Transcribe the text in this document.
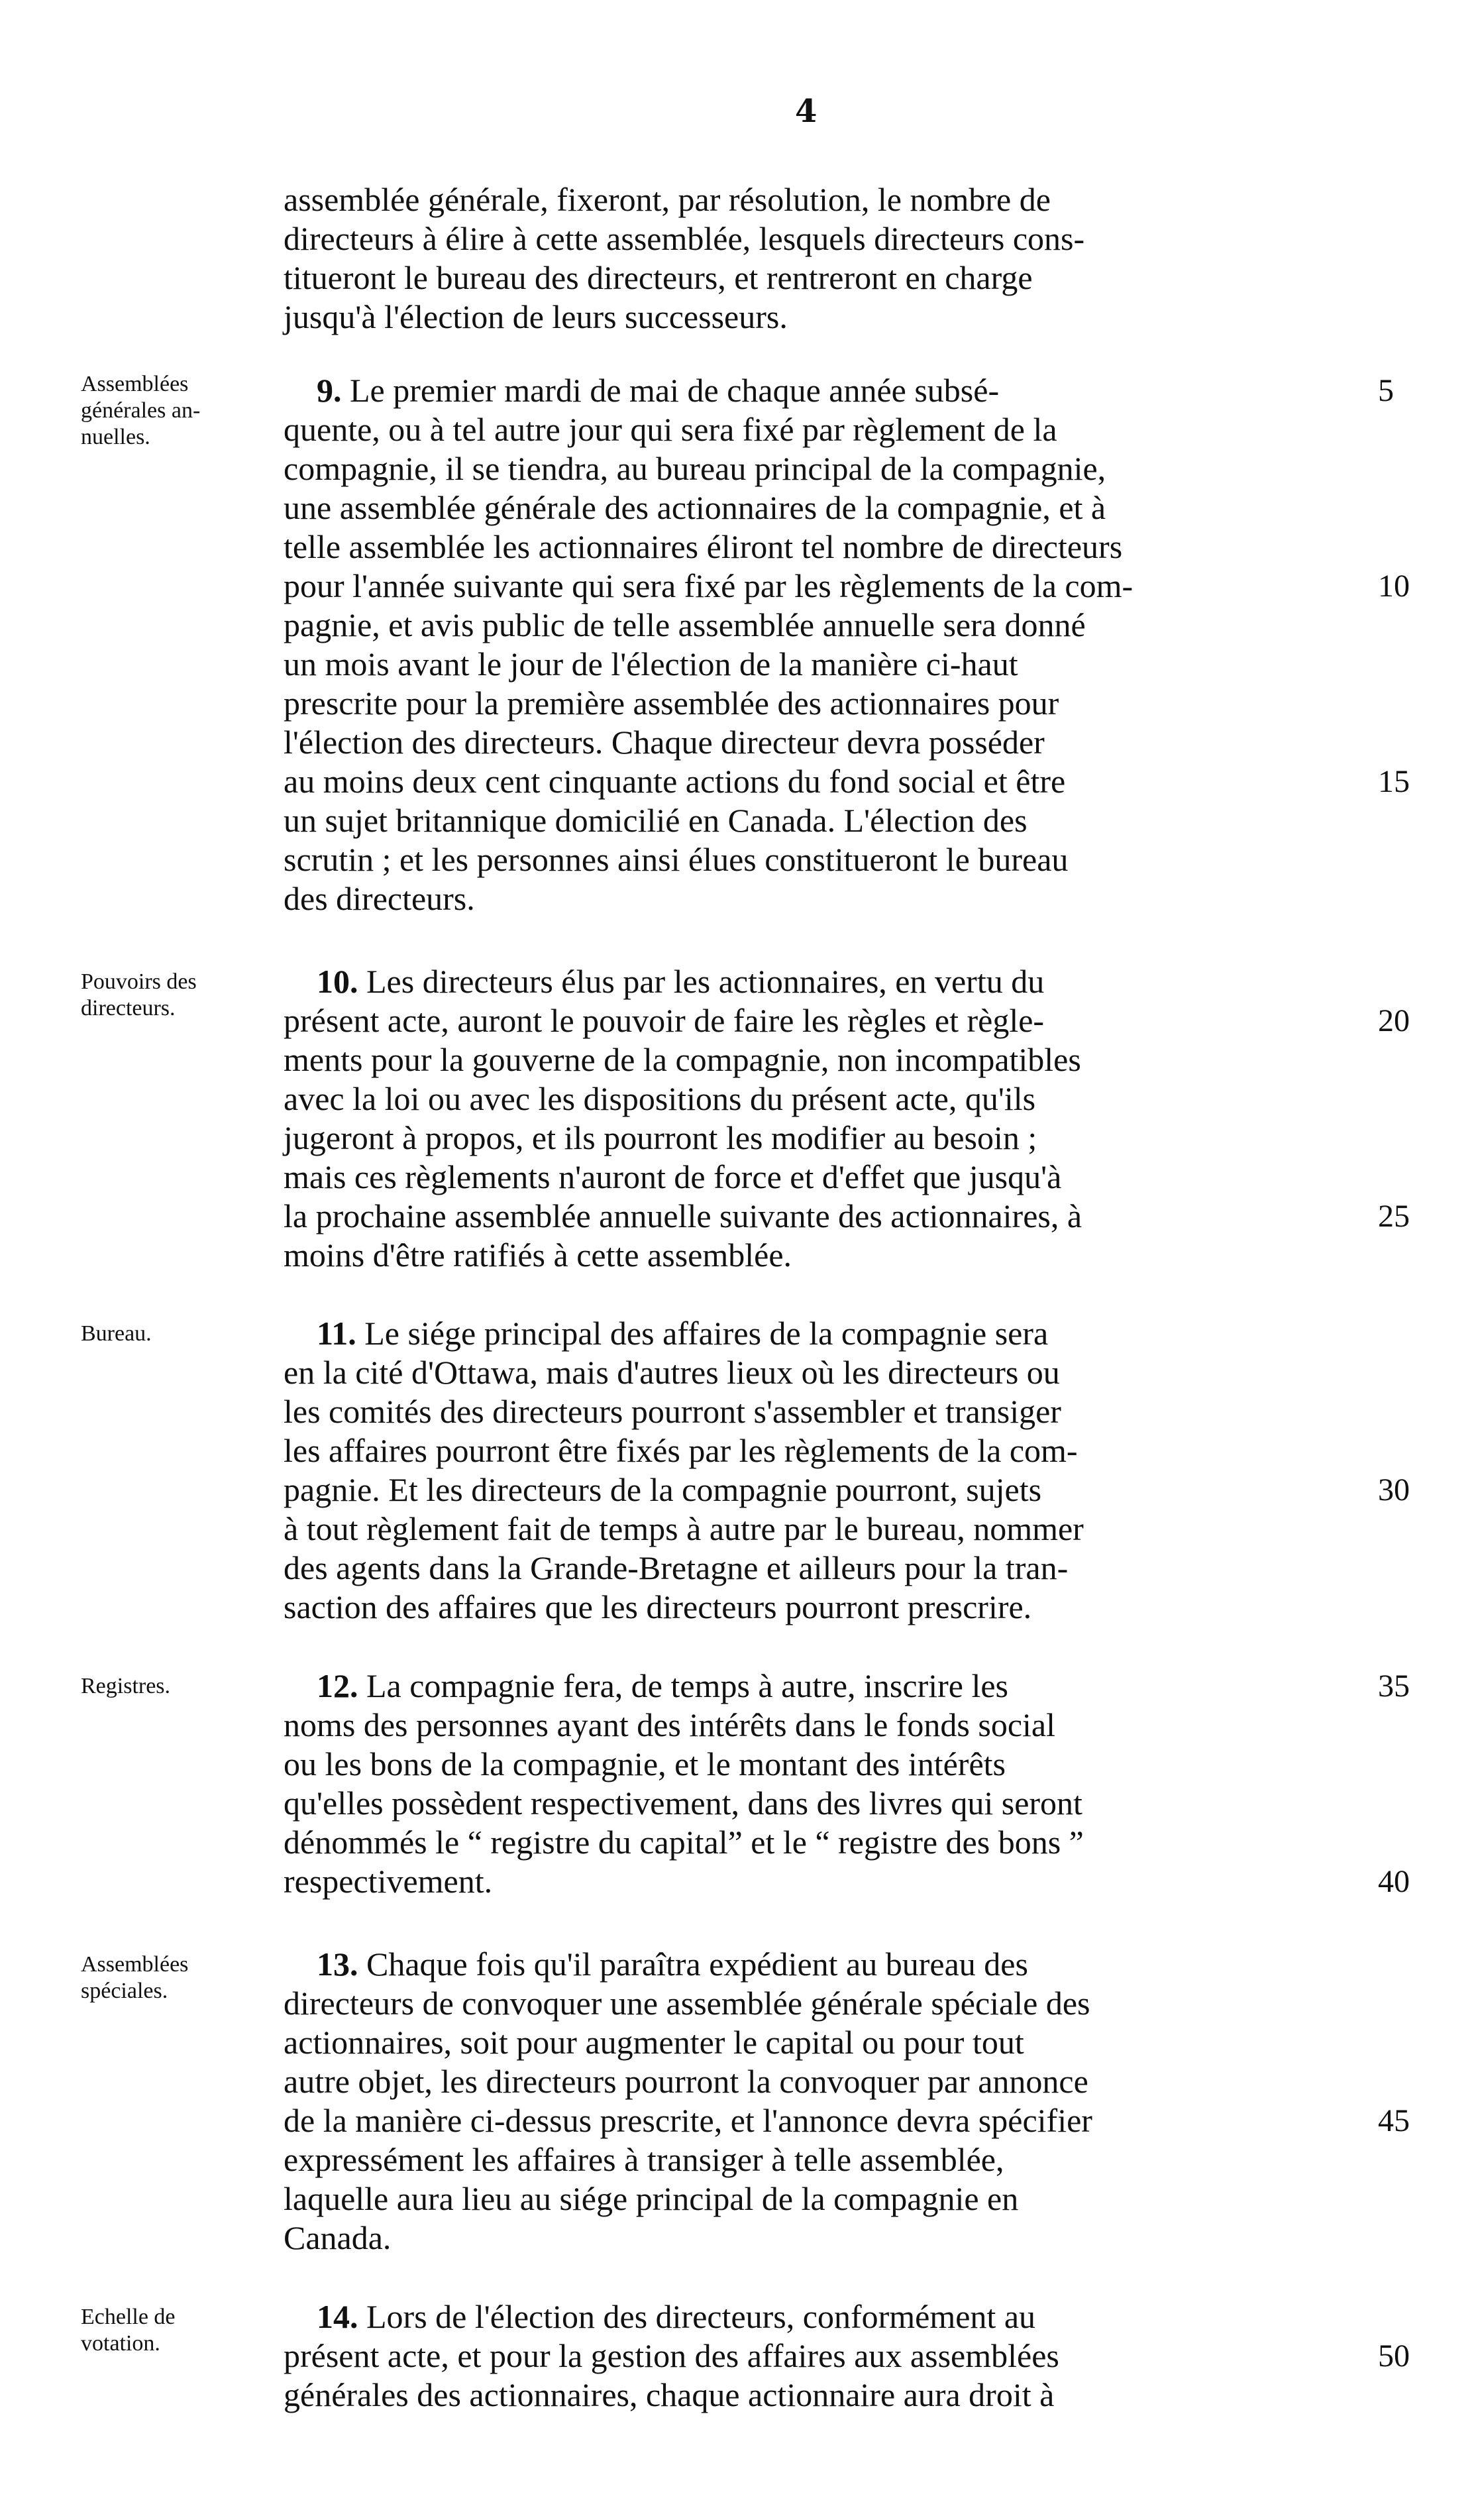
4
assemblée générale, fixeront, par résolution, le nombre de
directeurs à élire à cette assemblée, lesquels directeurs cons-
titueront le bureau des directeurs, et rentreront en charge
jusqu'à l'élection de leurs successeurs.
Assemblées
générales an-
nuelles.
9. Le premier mardi de mai de chaque année subsé-
quente, ou à tel autre jour qui sera fixé par règlement de la
compagnie, il se tiendra, au bureau principal de la compagnie,
une assemblée générale des actionnaires de la compagnie, et à
telle assemblée les actionnaires éliront tel nombre de directeurs
pour l'année suivante qui sera fixé par les règlements de la com-
pagnie, et avis public de telle assemblée annuelle sera donné
un mois avant le jour de l'élection de la manière ci-haut
prescrite pour la première assemblée des actionnaires pour
l'élection des directeurs. Chaque directeur devra posséder
au moins deux cent cinquante actions du fond social et être
un sujet britannique domicilié en Canada. L'élection des
scrutin ; et les personnes ainsi élues constitueront le bureau
des directeurs.
Pouvoirs des
directeurs.
10. Les directeurs élus par les actionnaires, en vertu du
présent acte, auront le pouvoir de faire les règles et règle-
ments pour la gouverne de la compagnie, non incompatibles
avec la loi ou avec les dispositions du présent acte, qu'ils
jugeront à propos, et ils pourront les modifier au besoin ;
mais ces règlements n'auront de force et d'effet que jusqu'à
la prochaine assemblée annuelle suivante des actionnaires, à
moins d'être ratifiés à cette assemblée.
Bureau.	11. Le siége principal des affaires de la compagnie sera
en la cité d'Ottawa, mais d'autres lieux où les directeurs ou
les comités des directeurs pourront s'assembler et transiger
les affaires pourront être fixés par les règlements de la com-
pagnie. Et les directeurs de la compagnie pourront, sujets
à tout règlement fait de temps à autre par le bureau, nommer
des agents dans la Grande-Bretagne et ailleurs pour la tran-
saction des affaires que les directeurs pourront prescrire.
Registres.	12. La compagnie fera, de temps à autre, inscrire les
noms des personnes ayant des intérêts dans le fonds social
ou les bons de la compagnie, et le montant des intérêts
qu'elles possèdent respectivement, dans des livres qui seront
dénommés le “ registre du capital” et le “ registre des bons ”
respectivement.
Assemblées
spéciales.
13. Chaque fois qu'il paraîtra expédient au bureau des
directeurs de convoquer une assemblée générale spéciale des
actionnaires, soit pour augmenter le capital ou pour tout
autre objet, les directeurs pourront la convoquer par annonce
de la manière ci-dessus prescrite, et l'annonce devra spécifier
expressément les affaires à transiger à telle assemblée,
laquelle aura lieu au siége principal de la compagnie en
Canada.
Echelle de
votation.
14. Lors de l'élection des directeurs, conformément au
présent acte, et pour la gestion des affaires aux assemblées
générales des actionnaires, chaque actionnaire aura droit à
5
10
15
20
25
30
35
40
45
50
